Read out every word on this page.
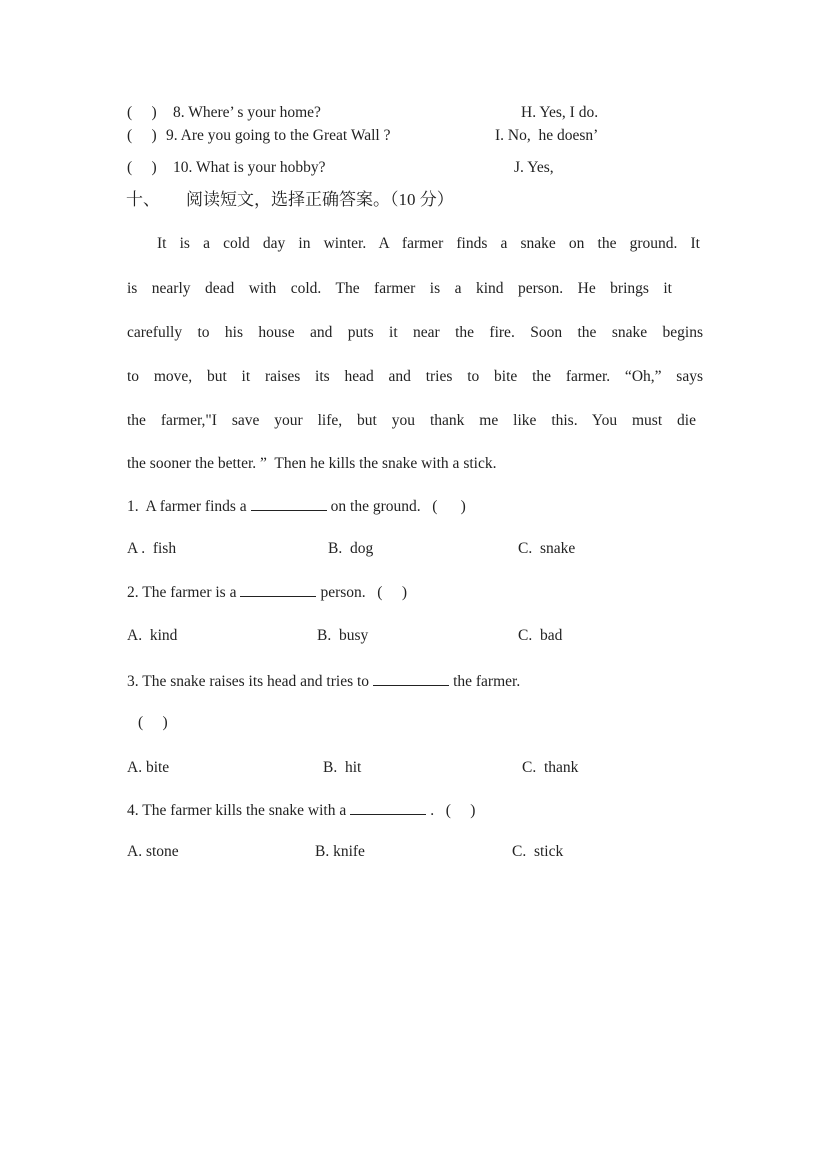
(     ) 8. Where’ s your home?	H. Yes, I do.
(     ) 9. Are you going to the Great Wall ?	I. No,  he doesn’
(     ) 10. What is your hobby?	J. Yes,
十、 阅读短文，选择正确答案。（10 分）
It is a cold day in winter. A farmer finds a snake on the ground. It
is nearly dead with cold. The farmer is a kind person. He brings it
carefully to his house and puts it near the fire. Soon the snake begins
to move, but it raises its head and tries to bite the farmer. “Oh,” says
the farmer,"I save your life, but you thank me like this. You must die
the sooner the better. ”  Then he kills the snake with a stick.
1.  A farmer finds a	on the ground.   (      )
A .  fish	B.  dog	C.  snake
2. The farmer is a	person.   (     )
A.  kind	B.  busy	C.  bad
3. The snake raises its head and tries to	the farmer.
(     )
A. bite	B.  hit	C.  thank
4. The farmer kills the snake with a	.   (     )
A. stone	B. knife	C.  stick
